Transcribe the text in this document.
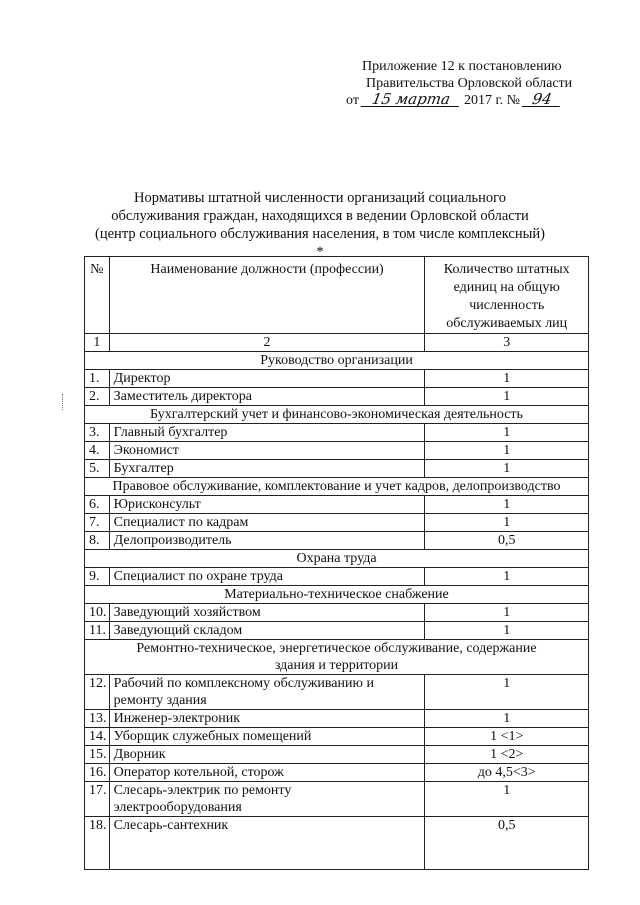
Приложение 12 к постановлению
Правительства Орловской области
от 15 марта 2017 г. № 94
Нормативы штатной численности организаций социального обслуживания граждан, находящихся в ведении Орловской области (центр социального обслуживания населения, в том числе комплексный) *
№	Наименование должности (профессии)	Количество штатных единиц на общую численность обслуживаемых лиц
1	2	3
Руководство организации		
1.	Директор	1
2.	Заместитель директора	1
Бухгалтерский учет и финансово-экономическая деятельность		
3.	Главный бухгалтер	1
4.	Экономист	1
5.	Бухгалтер	1
Правовое обслуживание, комплектование и учет кадров, делопроизводство		
6.	Юрисконсульт	1
7.	Специалист по кадрам	1
8.	Делопроизводитель	0,5
Охрана труда		
9.	Специалист по охране труда	1
Материально-техническое снабжение		
10.	Заведующий хозяйством	1
11.	Заведующий складом	1
Ремонтно-техническое, энергетическое обслуживание, содержание здания и территории		
12.	Рабочий по комплексному обслуживанию и ремонту здания	1
13.	Инженер-электроник	1
14.	Уборщик служебных помещений	1 <1>
15.	Дворник	1 <2>
16.	Оператор котельной, сторож	до 4,5<3>
17.	Слесарь-электрик по ремонту электрооборудования	1
18.	Слесарь-сантехник	0,5
